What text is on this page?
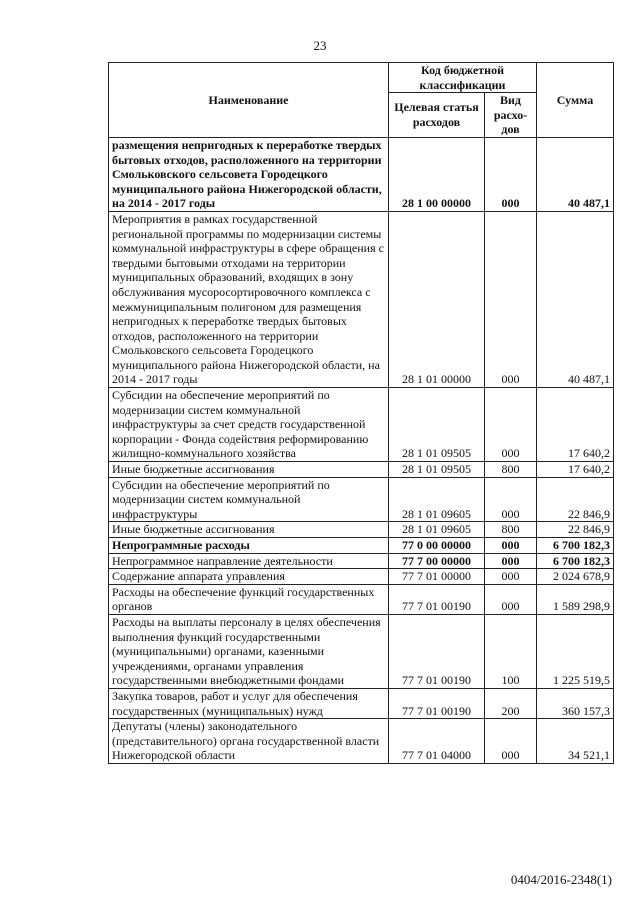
23
Наименование	Код бюджетной классификации		Сумма
	Целевая статья расходов	Вид расхо-дов	
размещения непригодных к переработке твердых бытовых отходов, расположенного на территории Смольковского сельсовета Городецкого муниципального района Нижегородской области, на 2014 - 2017 годы	28 1 00 00000	000	40 487,1
Мероприятия в рамках государственной региональной программы по модернизации системы коммунальной инфраструктуры в сфере обращения с твердыми бытовыми отходами на территории муниципальных образований, входящих в зону обслуживания мусоросортировочного комплекса с межмуниципальным полигоном для размещения непригодных к переработке твердых бытовых отходов, расположенного на территории Смольковского сельсовета Городецкого муниципального района Нижегородской области, на 2014 - 2017 годы	28 1 01 00000	000	40 487,1
Субсидии на обеспечение мероприятий по модернизации систем коммунальной инфраструктуры за счет средств государственной корпорации - Фонда содействия реформированию жилищно-коммунального хозяйства	28 1 01 09505	000	17 640,2
Иные бюджетные ассигнования	28 1 01 09505	800	17 640,2
Субсидии на обеспечение мероприятий по модернизации систем коммунальной инфраструктуры	28 1 01 09605	000	22 846,9
Иные бюджетные ассигнования	28 1 01 09605	800	22 846,9
Непрограммные расходы	77 0 00 00000	000	6 700 182,3
Непрограммное направление деятельности	77 7 00 00000	000	6 700 182,3
Содержание аппарата управления	77 7 01 00000	000	2 024 678,9
Расходы на обеспечение функций государственных органов	77 7 01 00190	000	1 589 298,9
Расходы на выплаты персоналу в целях обеспечения выполнения функций государственными (муниципальными) органами, казенными учреждениями, органами управления государственными внебюджетными фондами	77 7 01 00190	100	1 225 519,5
Закупка товаров, работ и услуг для обеспечения государственных (муниципальных) нужд	77 7 01 00190	200	360 157,3
Депутаты (члены) законодательного (представительного) органа государственной власти Нижегородской области	77 7 01 04000	000	34 521,1
0404/2016-2348(1)
